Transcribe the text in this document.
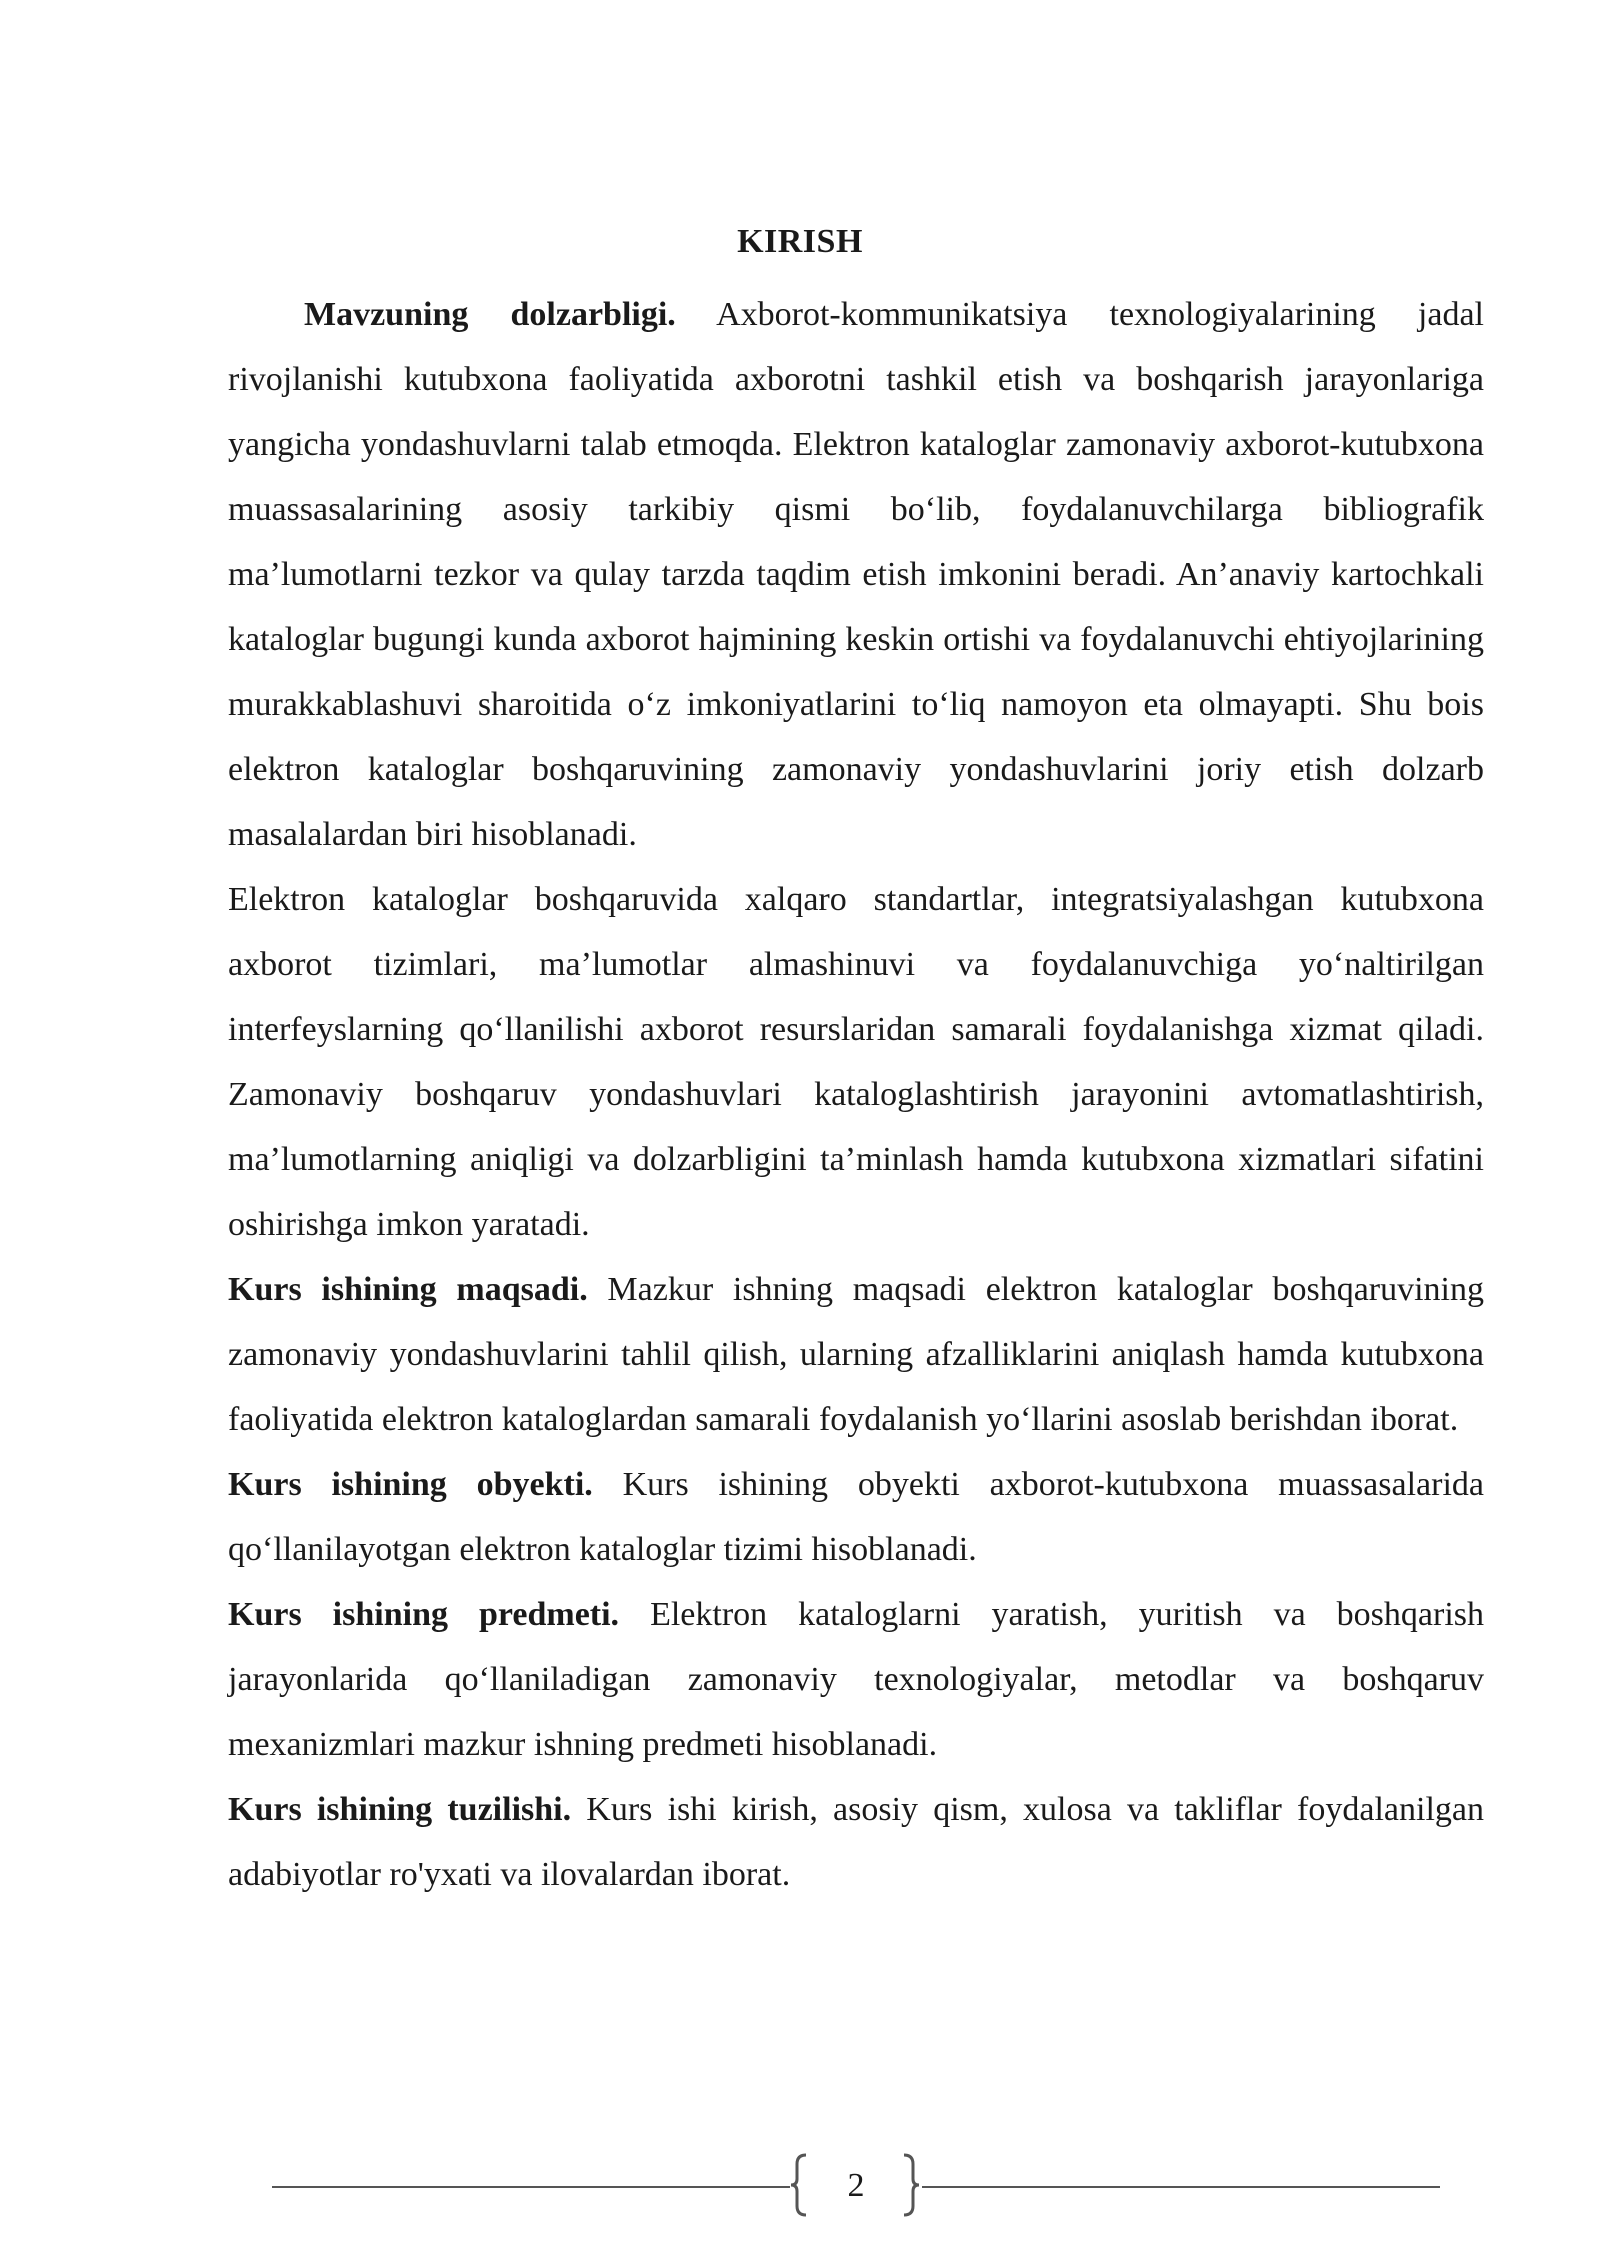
KIRISH

Mavzuning dolzarbligi. Axborot-kommunikatsiya texnologiyalarining jadal rivojlanishi kutubxona faoliyatida axborotni tashkil etish va boshqarish jarayonlariga yangicha yondashuvlarni talab etmoqda. Elektron kataloglar zamonaviy axborot-kutubxona muassasalarining asosiy tarkibiy qismi bo‘lib, foydalanuvchilarga bibliografik ma’lumotlarni tezkor va qulay tarzda taqdim etish imkonini beradi. An’anaviy kartochkali kataloglar bugungi kunda axborot hajmining keskin ortishi va foydalanuvchi ehtiyojlarining murakkablashuvi sharoitida o‘z imkoniyatlarini to‘liq namoyon eta olmayapti. Shu bois elektron kataloglar boshqaruvining zamonaviy yondashuvlarini joriy etish dolzarb masalalardan biri hisoblanadi.

Elektron kataloglar boshqaruvida xalqaro standartlar, integratsiyalashgan kutubxona axborot tizimlari, ma’lumotlar almashinuvi va foydalanuvchiga yo‘naltirilgan interfeyslarning qo‘llanilishi axborot resurslaridan samarali foydalanishga xizmat qiladi. Zamonaviy boshqaruv yondashuvlari kataloglashtirish jarayonini avtomatlashtirish, ma’lumotlarning aniqligi va dolzarbligini ta’minlash hamda kutubxona xizmatlari sifatini oshirishga imkon yaratadi.

Kurs ishining maqsadi. Mazkur ishning maqsadi elektron kataloglar boshqaruvining zamonaviy yondashuvlarini tahlil qilish, ularning afzalliklarini aniqlash hamda kutubxona faoliyatida elektron kataloglardan samarali foydalanish yo‘llarini asoslab berishdan iborat.

Kurs ishining obyekti. Kurs ishining obyekti axborot-kutubxona muassasalarida qo‘llanilayotgan elektron kataloglar tizimi hisoblanadi.

Kurs ishining predmeti. Elektron kataloglarni yaratish, yuritish va boshqarish jarayonlarida qo‘llaniladigan zamonaviy texnologiyalar, metodlar va boshqaruv mexanizmlari mazkur ishning predmeti hisoblanadi.

Kurs ishining tuzilishi. Kurs ishi kirish, asosiy qism, xulosa va takliflar foydalanilgan adabiyotlar ro'yxati va ilovalardan iborat.

2
